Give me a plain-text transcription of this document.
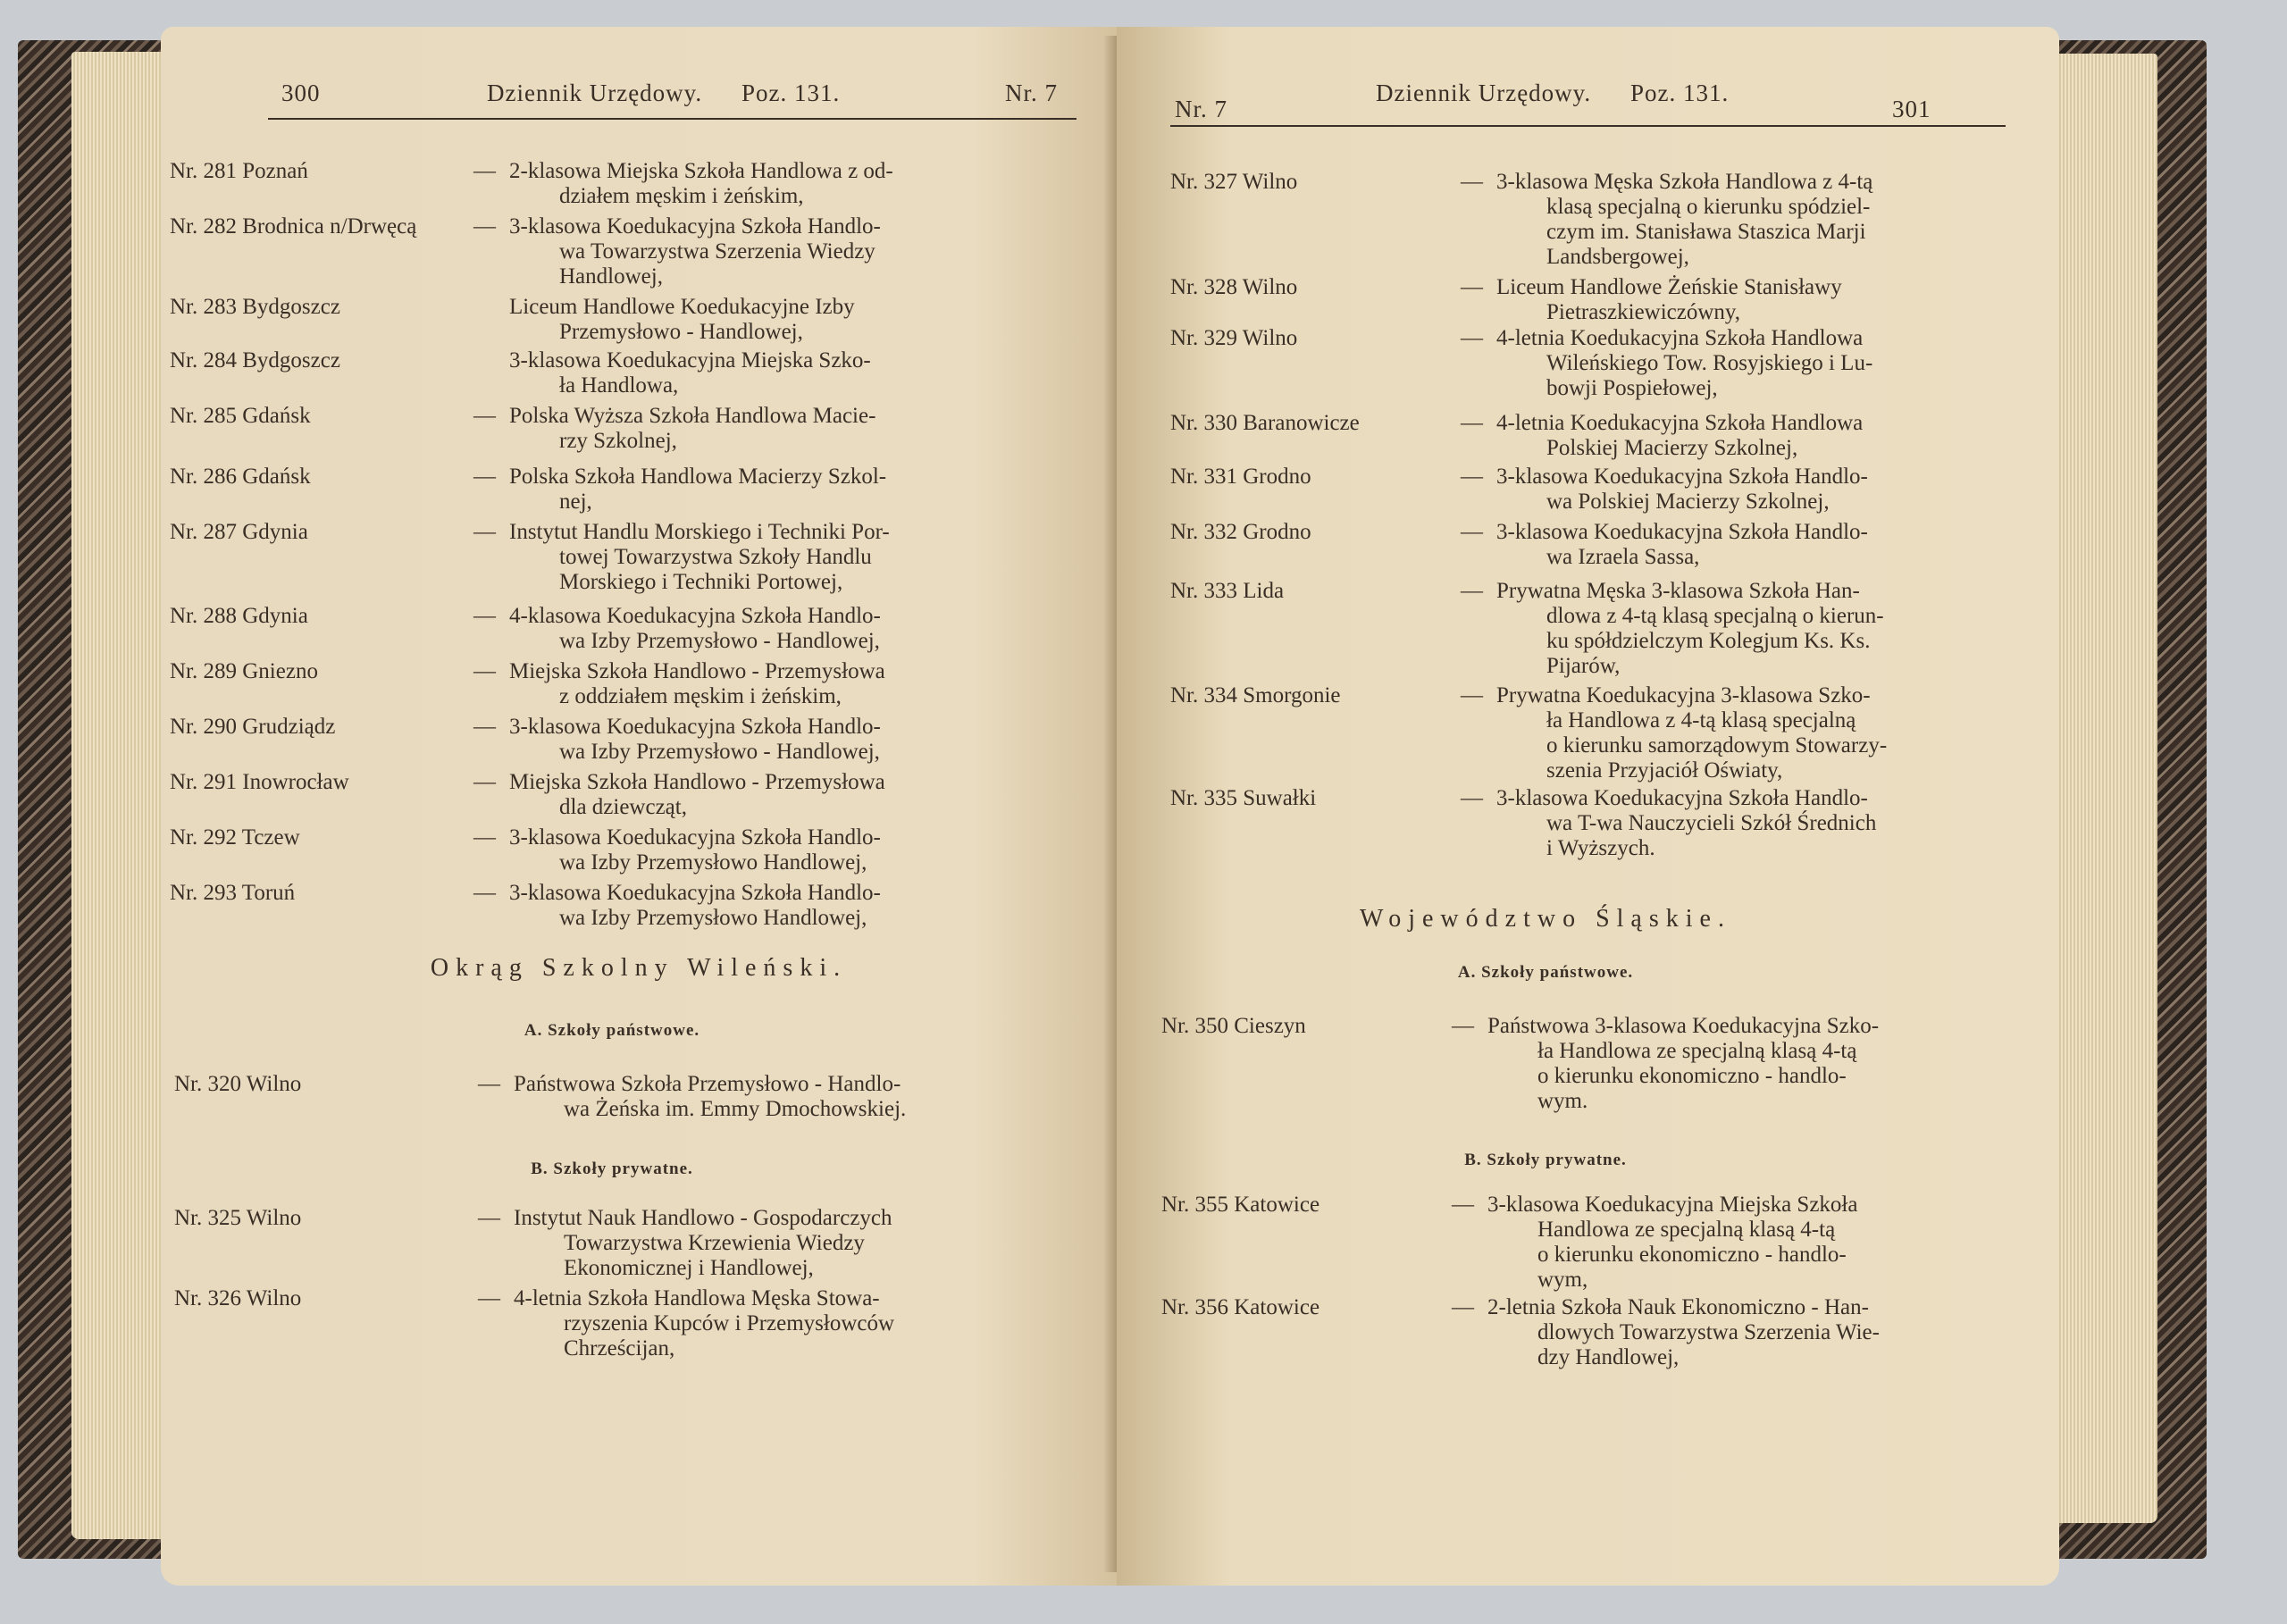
300	Dziennik Urzędowy. Poz. 131.	Nr. 7
Nr. 281 Poznań	— 2-klasowa Miejska Szkoła Handlowa z od-
działem męskim i żeńskim,
Nr. 282 Brodnica n/Drwęcą	— 3-klasowa Koedukacyjna Szkoła Handlo-
wa Towarzystwa Szerzenia Wiedzy
Handlowej,
Nr. 283 Bydgoszcz	Liceum Handlowe Koedukacyjne Izby
Przemysłowo - Handlowej,
Nr. 284 Bydgoszcz	3-klasowa Koedukacyjna Miejska Szko-
ła Handlowa,
Nr. 285 Gdańsk	— Polska Wyższa Szkoła Handlowa Macie-
rzy Szkolnej,
Nr. 286 Gdańsk	— Polska Szkoła Handlowa Macierzy Szkol-
nej,
Nr. 287 Gdynia	— Instytut Handlu Morskiego i Techniki Por-
towej Towarzystwa Szkoły Handlu
Morskiego i Techniki Portowej,
Nr. 288 Gdynia	— 4-klasowa Koedukacyjna Szkoła Handlo-
wa Izby Przemysłowo - Handlowej,
Nr. 289 Gniezno	— Miejska Szkoła Handlowo - Przemysłowa
z oddziałem męskim i żeńskim,
Nr. 290 Grudziądz	— 3-klasowa Koedukacyjna Szkoła Handlo-
wa Izby Przemysłowo - Handlowej,
Nr. 291 Inowrocław	— Miejska Szkoła Handlowo - Przemysłowa
dla dziewcząt,
Nr. 292 Tczew	— 3-klasowa Koedukacyjna Szkoła Handlo-
wa Izby Przemysłowo Handlowej,
Nr. 293 Toruń	— 3-klasowa Koedukacyjna Szkoła Handlo-
wa Izby Przemysłowo Handlowej,
Okrąg Szkolny Wileński.
A. Szkoły państwowe.
Nr. 320 Wilno	— Państwowa Szkoła Przemysłowo - Handlo-
wa Żeńska im. Emmy Dmochowskiej.
B. Szkoły prywatne.
Nr. 325 Wilno	— Instytut Nauk Handlowo - Gospodarczych
Towarzystwa Krzewienia Wiedzy
Ekonomicznej i Handlowej,
Nr. 326 Wilno	— 4-letnia Szkoła Handlowa Męska Stowa-
rzyszenia Kupców i Przemysłowców
Chrześcijan,
Nr. 7
Dziennik Urzędowy. Poz. 131.
301
Nr. 327 Wilno	— 3-klasowa Męska Szkoła Handlowa z 4-tą
klasą specjalną o kierunku spódziel-
czym im. Stanisława Staszica Marji
Landsbergowej,
Nr. 328 Wilno	— Liceum Handlowe Żeńskie Stanisławy
Pietraszkiewiczówny,
Nr. 329 Wilno	— 4-letnia Koedukacyjna Szkoła Handlowa
Wileńskiego Tow. Rosyjskiego i Lu-
bowji Pospiełowej,
Nr. 330 Baranowicze	— 4-letnia Koedukacyjna Szkoła Handlowa
Polskiej Macierzy Szkolnej,
Nr. 331 Grodno	— 3-klasowa Koedukacyjna Szkoła Handlo-
wa Polskiej Macierzy Szkolnej,
Nr. 332 Grodno	— 3-klasowa Koedukacyjna Szkoła Handlo-
wa Izraela Sassa,
Nr. 333 Lida	— Prywatna Męska 3-klasowa Szkoła Han-
dlowa z 4-tą klasą specjalną o kierun-
ku spółdzielczym Kolegjum Ks. Ks.
Pijarów,
Nr. 334 Smorgonie	— Prywatna Koedukacyjna 3-klasowa Szko-
ła Handlowa z 4-tą klasą specjalną
o kierunku samorządowym Stowarzy-
szenia Przyjaciół Oświaty,
Nr. 335 Suwałki	— 3-klasowa Koedukacyjna Szkoła Handlo-
wa T-wa Nauczycieli Szkół Średnich
i Wyższych.
Województwo Śląskie.
A. Szkoły państwowe.
Nr. 350 Cieszyn	— Państwowa 3-klasowa Koedukacyjna Szko-
ła Handlowa ze specjalną klasą 4-tą
o kierunku ekonomiczno - handlo-
wym.
B. Szkoły prywatne.
Nr. 355 Katowice	— 3-klasowa Koedukacyjna Miejska Szkoła
Handlowa ze specjalną klasą 4-tą
o kierunku ekonomiczno - handlo-
wym,
Nr. 356 Katowice	— 2-letnia Szkoła Nauk Ekonomiczno - Han-
dlowych Towarzystwa Szerzenia Wie-
dzy Handlowej,
